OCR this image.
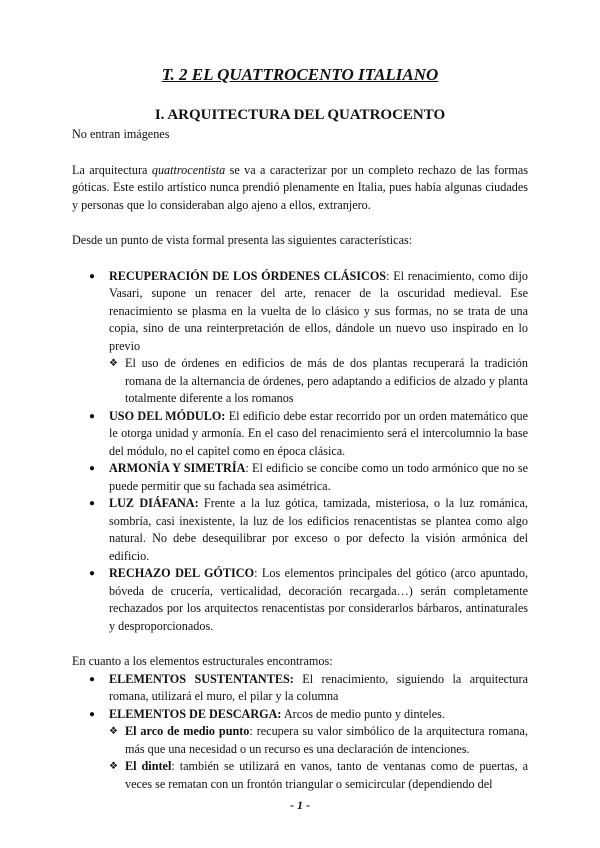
T. 2 EL QUATTROCENTO ITALIANO
I. ARQUITECTURA DEL QUATROCENTO

No entran imágenes

La arquitectura quattrocentista se va a caracterizar por un completo rechazo de las formas góticas. Este estilo artístico nunca prendió plenamente en Italia, pues había algunas ciudades y personas que lo consideraban algo ajeno a ellos, extranjero.

Desde un punto de vista formal presenta las siguientes características:

● RECUPERACIÓN DE LOS ÓRDENES CLÁSICOS: El renacimiento, como dijo Vasari, supone un renacer del arte, renacer de la oscuridad medieval. Ese renacimiento se plasma en la vuelta de lo clásico y sus formas, no se trata de una copia, sino de una reinterpretación de ellos, dándole un nuevo uso inspirado en lo previo
❖ El uso de órdenes en edificios de más de dos plantas recuperará la tradición romana de la alternancia de órdenes, pero adaptando a edificios de alzado y planta totalmente diferente a los romanos
● USO DEL MÓDULO: El edificio debe estar recorrido por un orden matemático que le otorga unidad y armonía. En el caso del renacimiento será el intercolumnio la base del módulo, no el capitel como en época clásica.
● ARMONÍA Y SIMETRÍA: El edificio se concibe como un todo armónico que no se puede permitir que su fachada sea asimétrica.
● LUZ DIÁFANA: Frente a la luz gótica, tamizada, misteriosa, o la luz románica, sombría, casi inexistente, la luz de los edificios renacentistas se plantea como algo natural. No debe desequilibrar por exceso o por defecto la visión armónica del edificio.
● RECHAZO DEL GÓTICO: Los elementos principales del gótico (arco apuntado, bóveda de crucería, verticalidad, decoración recargada…) serán completamente rechazados por los arquitectos renacentistas por considerarlos bárbaros, antinaturales y desproporcionados.

En cuanto a los elementos estructurales encontramos:

● ELEMENTOS SUSTENTANTES: El renacimiento, siguiendo la arquitectura romana, utilizará el muro, el pilar y la columna
● ELEMENTOS DE DESCARGA: Arcos de medio punto y dinteles.
❖ El arco de medio punto: recupera su valor simbólico de la arquitectura romana, más que una necesidad o un recurso es una declaración de intenciones.
❖ El dintel: también se utilizará en vanos, tanto de ventanas como de puertas, a veces se rematan con un frontón triangular o semicircular (dependiendo del
- 1 -
